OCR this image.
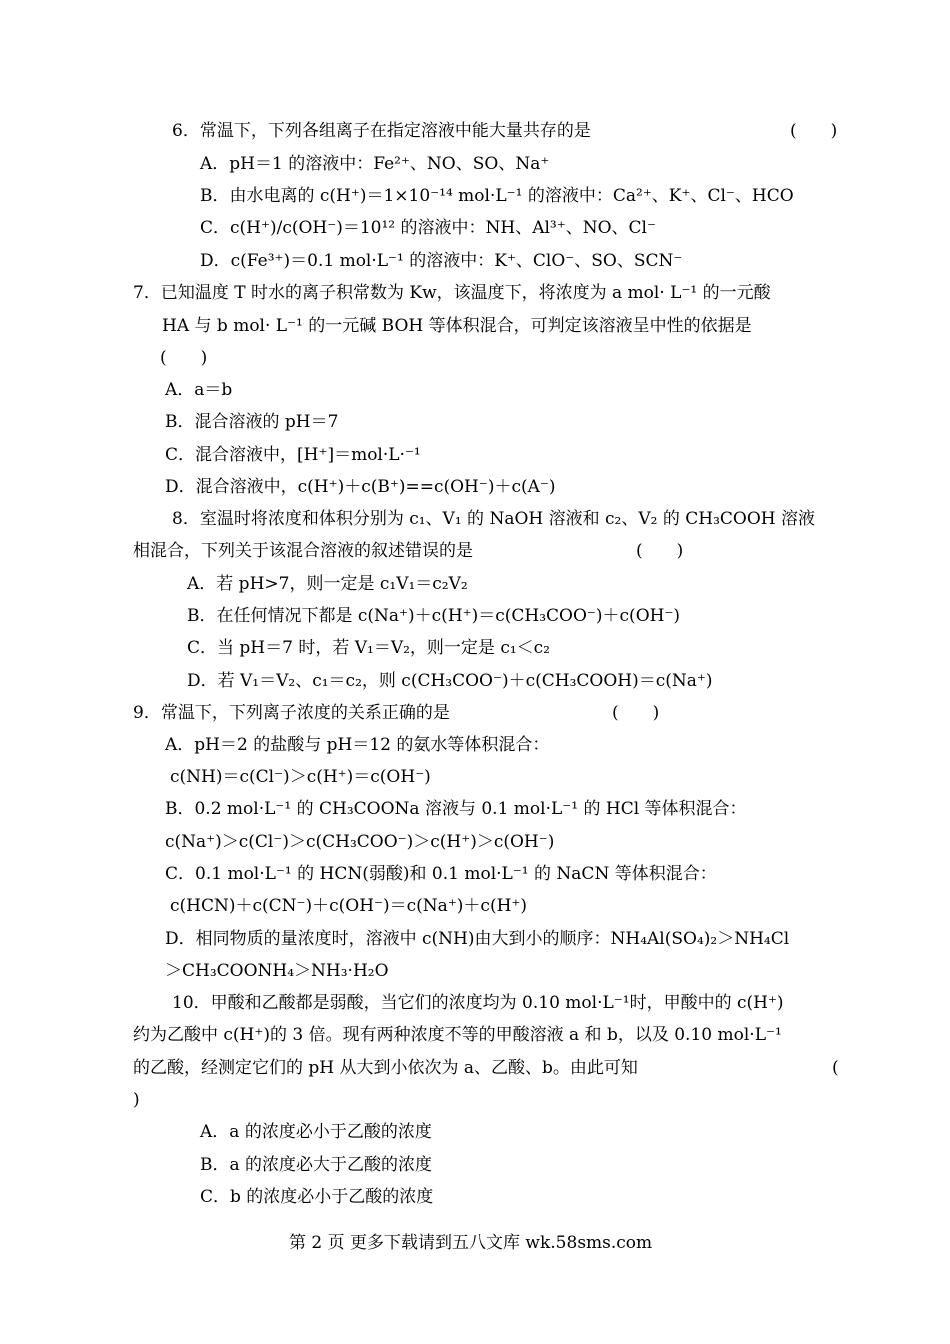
6．常温下，下列各组离子在指定溶液中能大量共存的是	(　　)
A．pH＝1 的溶液中：Fe²⁺、NO、SO、Na⁺
B．由水电离的 c(H⁺)＝1×10⁻¹⁴ mol·L⁻¹ 的溶液中：Ca²⁺、K⁺、Cl⁻、HCO
C．c(H⁺)/c(OH⁻)＝10¹² 的溶液中：NH、Al³⁺、NO、Cl⁻
D．c(Fe³⁺)＝0.1 mol·L⁻¹ 的溶液中：K⁺、ClO⁻、SO、SCN⁻
7．已知温度 T 时水的离子积常数为 Kᴡ，该温度下，将浓度为 a mol· L⁻¹ 的一元酸
HA 与 b mol· L⁻¹ 的一元碱 BOH 等体积混合，可判定该溶液呈中性的依据是
(　　)
A．a＝b
B．混合溶液的 pH＝7
C．混合溶液中，[H⁺]＝mol·L·⁻¹
D．混合溶液中，c(H⁺)＋c(B⁺)==c(OH⁻)＋c(A⁻)
8．室温时将浓度和体积分别为 c₁、V₁ 的 NaOH 溶液和 c₂、V₂ 的 CH₃COOH 溶液
相混合，下列关于该混合溶液的叙述错误的是	(　　)
A．若 pH>7，则一定是 c₁V₁＝c₂V₂
B．在任何情况下都是 c(Na⁺)＋c(H⁺)＝c(CH₃COO⁻)＋c(OH⁻)
C．当 pH＝7 时，若 V₁＝V₂，则一定是 c₁＜c₂
D．若 V₁＝V₂、c₁＝c₂，则 c(CH₃COO⁻)＋c(CH₃COOH)＝c(Na⁺)
9．常温下，下列离子浓度的关系正确的是	(　　)
A．pH＝2 的盐酸与 pH＝12 的氨水等体积混合：
c(NH)＝c(Cl⁻)＞c(H⁺)＝c(OH⁻)
B．0.2 mol·L⁻¹ 的 CH₃COONa 溶液与 0.1 mol·L⁻¹ 的 HCl 等体积混合：
c(Na⁺)＞c(Cl⁻)＞c(CH₃COO⁻)＞c(H⁺)＞c(OH⁻)
C．0.1 mol·L⁻¹ 的 HCN(弱酸)和 0.1 mol·L⁻¹ 的 NaCN 等体积混合：
c(HCN)＋c(CN⁻)＋c(OH⁻)＝c(Na⁺)＋c(H⁺)
D．相同物质的量浓度时，溶液中 c(NH)由大到小的顺序：NH₄Al(SO₄)₂＞NH₄Cl
＞CH₃COONH₄＞NH₃·H₂O
10．甲酸和乙酸都是弱酸，当它们的浓度均为 0.10 mol·L⁻¹时，甲酸中的 c(H⁺)
约为乙酸中 c(H⁺)的 3 倍。现有两种浓度不等的甲酸溶液 a 和 b，以及 0.10 mol·L⁻¹
的乙酸，经测定它们的 pH 从大到小依次为 a、乙酸、b。由此可知	(
)
A．a 的浓度必小于乙酸的浓度
B．a 的浓度必大于乙酸的浓度
C．b 的浓度必小于乙酸的浓度
第 2 页 更多下载请到五八文库 wk.58sms.com
